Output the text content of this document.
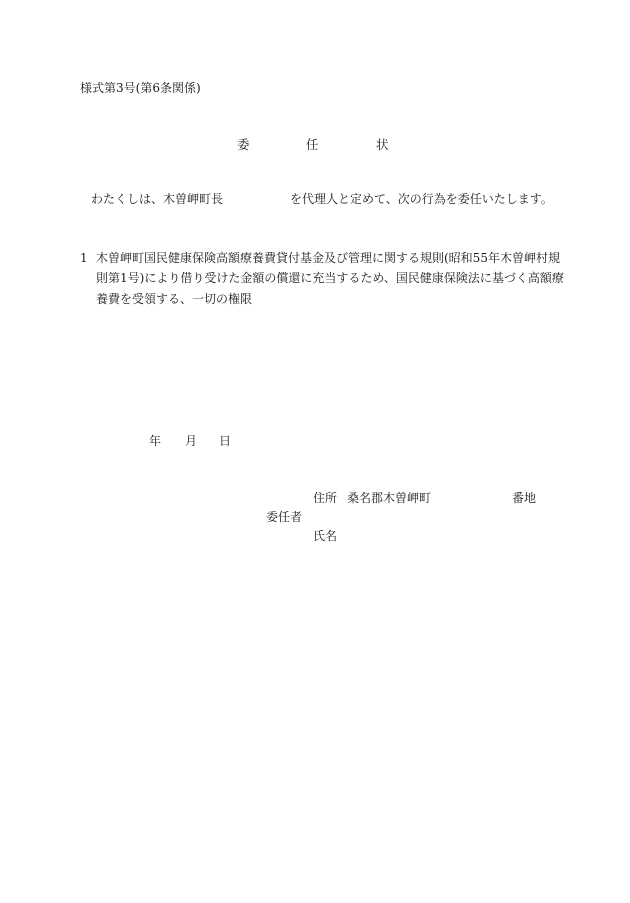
様式第3号(第6条関係)
委	任	状
わたくしは、木曽岬町長	を代理人と定めて、次の行為を委任いたします。
1 木曽岬町国民健康保険高額療養費貸付基金及び管理に関する規則(昭和55年木曽岬村規
則第1号)により借り受けた金額の償還に充当するため、国民健康保険法に基づく高額療
養費を受領する、一切の権限
年 月 日
住所 桑名郡木曽岬町	番地
委任者
氏名
